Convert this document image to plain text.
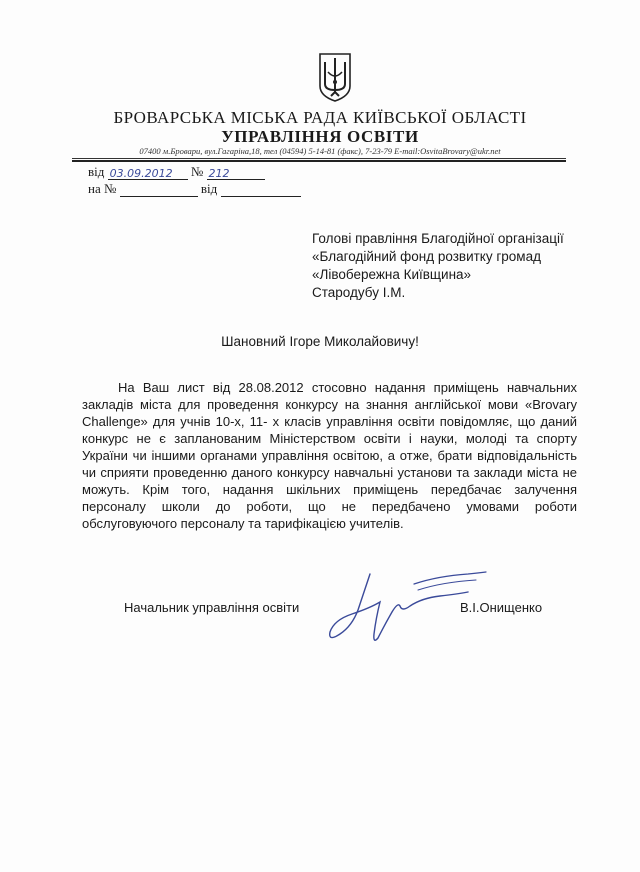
БРОВАРСЬКА МІСЬКА РАДА КИЇВСЬКОЇ ОБЛАСТІ
УПРАВЛІННЯ ОСВІТИ
07400 м.Бровари, вул.Гагаріна,18, тел (04594) 5-14-81 (факс), 7-23-79 E-mail:OsvitaBrovary@ukr.net
від 03.09.2012 № 212
на №	від
Голові правління Благодійної організації
«Благодійний фонд розвитку громад
«Лівобережна Київщина»
Стародубу І.М.
Шановний Ігоре Миколайовичу!

На Ваш лист від 28.08.2012 стосовно надання приміщень навчальних закладів міста для проведення конкурсу на знання англійської мови «Brovary Challenge» для учнів 10-х, 11- х класів управління освіти повідомляє, що даний конкурс не є запланованим Міністерством освіти і науки, молоді та спорту України чи іншими органами управління освітою, а отже, брати відповідальність чи сприяти проведенню даного конкурсу навчальні установи та заклади міста не можуть. Крім того, надання шкільних приміщень передбачає залучення персоналу школи до роботи, що не передбачено умовами роботи обслуговуючого персоналу та тарифікацією учителів.

Начальник управління освіти	В.І.Онищенко
